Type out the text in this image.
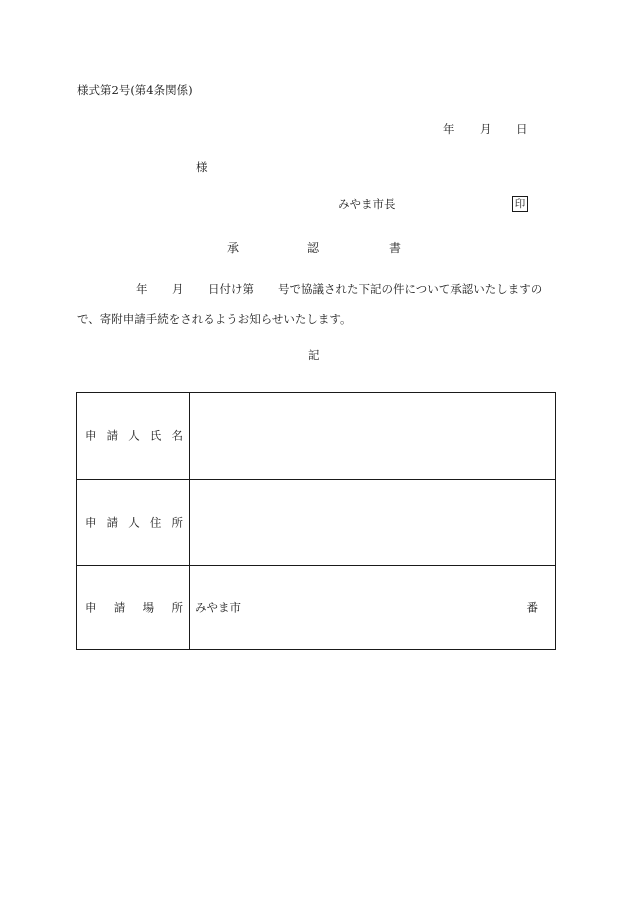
様式第2号(第4条関係)
年 月 日
様
みやま市長	印
承	認	書
年 月 日付け第 号で協議された下記の件について承認いたしますの
で、寄附申請手続をされるようお知らせいたします。
記
申 請 人 氏 名
申 請 人 住 所
申 請 場 所 みやま市	番
